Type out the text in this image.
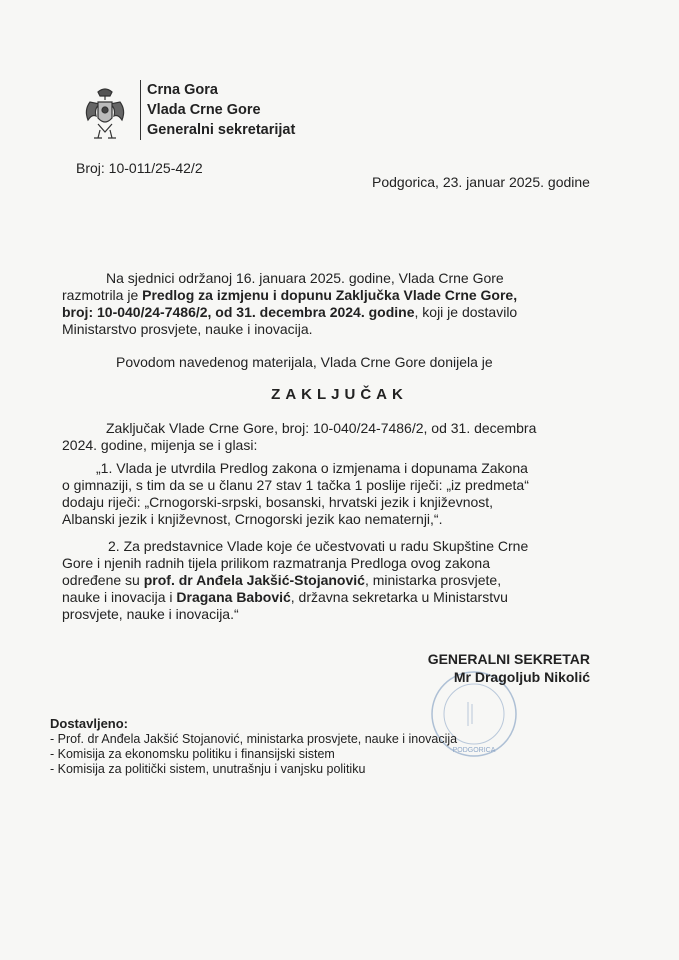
Crna Gora
Vlada Crne Gore
Generalni sekretarijat
Broj: 10-011/25-42/2
Podgorica, 23. januar 2025. godine
Na sjednici održanoj 16. januara 2025. godine, Vlada Crne Gore
razmotrila je Predlog za izmjenu i dopunu Zaključka Vlade Crne Gore,
broj: 10-040/24-7486/2, od 31. decembra 2024. godine, koji je dostavilo
Ministarstvo prosvjete, nauke i inovacija.
Povodom navedenog materijala, Vlada Crne Gore donijela je
ZAKLJUČAK
Zaključak Vlade Crne Gore, broj: 10-040/24-7486/2, od 31. decembra
2024. godine, mijenja se i glasi:
„1. Vlada je utvrdila Predlog zakona o izmjenama i dopunama Zakona
o gimnaziji, s tim da se u članu 27 stav 1 tačka 1 poslije riječi: „iz predmeta“
dodaju riječi: „Crnogorski-srpski, bosanski, hrvatski jezik i književnost,
Albanski jezik i književnost, Crnogorski jezik kao nematernji,“.
2. Za predstavnice Vlade koje će učestvovati u radu Skupštine Crne
Gore i njenih radnih tijela prilikom razmatranja Predloga ovog zakona
određene su prof. dr Anđela Jakšić-Stojanović, ministarka prosvjete,
nauke i inovacija i Dragana Babović, državna sekretarka u Ministarstvu
prosvjete, nauke i inovacija.“
PODGORICA
GENERALNI SEKRETAR
Mr Dragoljub Nikolić
Dostavljeno:
- Prof. dr Anđela Jakšić Stojanović, ministarka prosvjete, nauke i inovacija
- Komisija za ekonomsku politiku i finansijski sistem
- Komisija za politički sistem, unutrašnju i vanjsku politiku
